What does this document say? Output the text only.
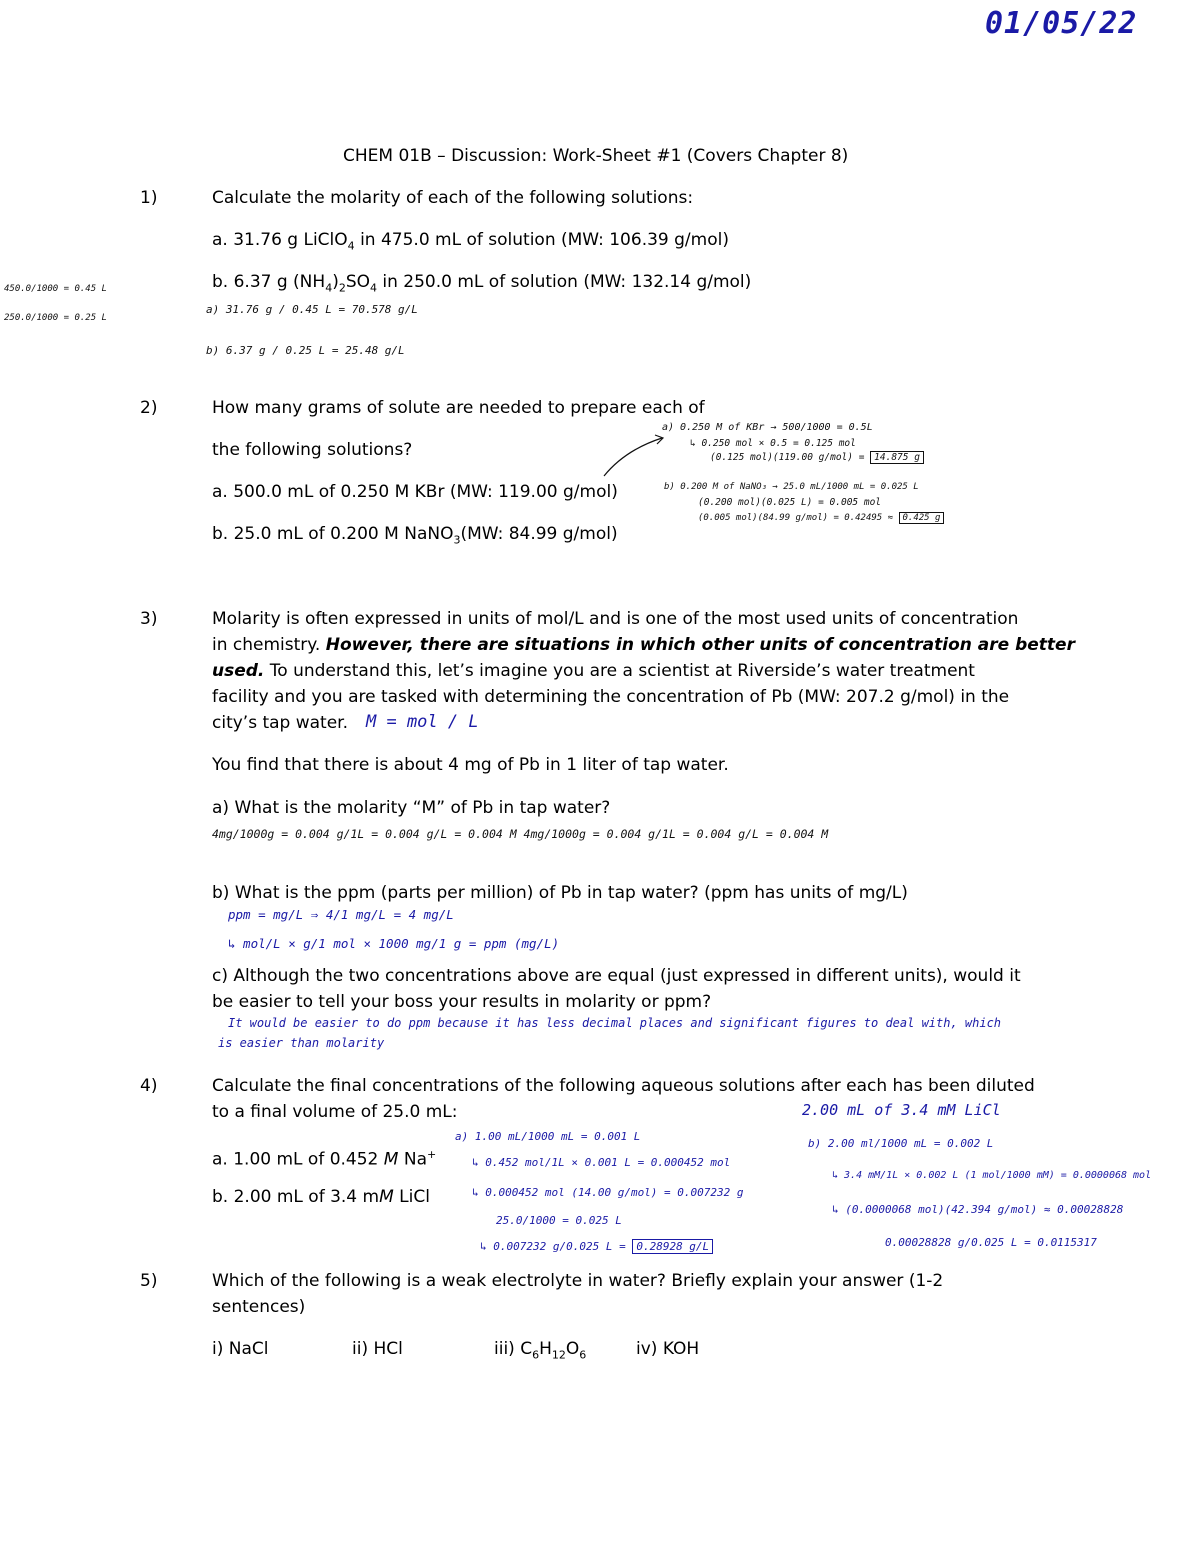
01/05/22
CHEM 01B – Discussion: Work-Sheet #1 (Covers Chapter 8)
1)	Calculate the molarity of each of the following solutions:
a. 31.76 g LiClO$_4$ in 475.0 mL of solution (MW: 106.39 g/mol)
b. 6.37 g $(NH_4)_2SO_4$ in 250.0 mL of solution (MW: 132.14 g/mol)
450.0/1000 = 0.45 L
250.0/1000 = 0.25 L
a) 31.76 g / 0.45 L = 70.578 g/L
b) 6.37 g / 0.25 L = 25.48 g/L
2)	How many grams of solute are needed to prepare each of
the following solutions?
a. 500.0 mL of 0.250 M KBr (MW: 119.00 g/mol)
b. 25.0 mL of 0.200 M NaNO$_3$(MW: 84.99 g/mol)
a) 0.250 M of KBr → 500/1000 = 0.5L
↳ 0.250 mol × 0.5 = 0.125 mol
(0.125 mol)(119.00 g/mol) = 14.875 g
b) 0.200 M of NaNO₃ → 25.0 mL/1000 mL = 0.025 L
(0.200 mol)(0.025 L) = 0.005 mol
(0.005 mol)(84.99 g/mol) = 0.42495 ≈ 0.425 g
3)	Molarity is often expressed in units of mol/L and is one of the most used units of concentration
in chemistry. However, there are situations in which other units of concentration are better
used. To understand this, let’s imagine you are a scientist at Riverside’s water treatment
facility and you are tasked with determining the concentration of Pb (MW: 207.2 g/mol) in the
city’s tap water. M = mol / L
You find that there is about 4 mg of Pb in 1 liter of tap water.
a) What is the molarity “M” of Pb in tap water?
4mg/1000g = 0.004 g/1L = 0.004 g/L = 0.004 M 4mg/1000g = 0.004 g/1L = 0.004 g/L = 0.004 M
b) What is the ppm (parts per million) of Pb in tap water? (ppm has units of mg/L)
ppm = mg/L ⇒ 4/1 mg/L = 4 mg/L
↳ mol/L × g/1 mol × 1000 mg/1 g = ppm (mg/L)
c) Although the two concentrations above are equal (just expressed in different units), would it
be easier to tell your boss your results in molarity or ppm?
It would be easier to do ppm because it has less decimal places and significant figures to deal with, which
is easier than molarity
4)	Calculate the final concentrations of the following aqueous solutions after each has been diluted
to a final volume of 25.0 mL:
a. 1.00 mL of 0.452 M Na+
b. 2.00 mL of 3.4 mM LiCl
2.00 mL of 3.4 mM LiCl
a) 1.00 mL/1000 mL = 0.001 L
↳ 0.452 mol/1L × 0.001 L = 0.000452 mol
↳ 0.000452 mol (14.00 g/mol) = 0.007232 g
25.0/1000 = 0.025 L
↳ 0.007232 g/0.025 L = 0.28928 g/L
b) 2.00 ml/1000 mL = 0.002 L
↳ 3.4 mM/1L × 0.002 L (1 mol/1000 mM) = 0.0000068 mol
↳ (0.0000068 mol)(42.394 g/mol) ≈ 0.00028828
0.00028828 g/0.025 L = 0.0115317
5)	Which of the following is a weak electrolyte in water? Briefly explain your answer (1-2
sentences)
i) NaCl	ii) HCl	iii) $C_6H_{12}O_6$	iv) KOH
